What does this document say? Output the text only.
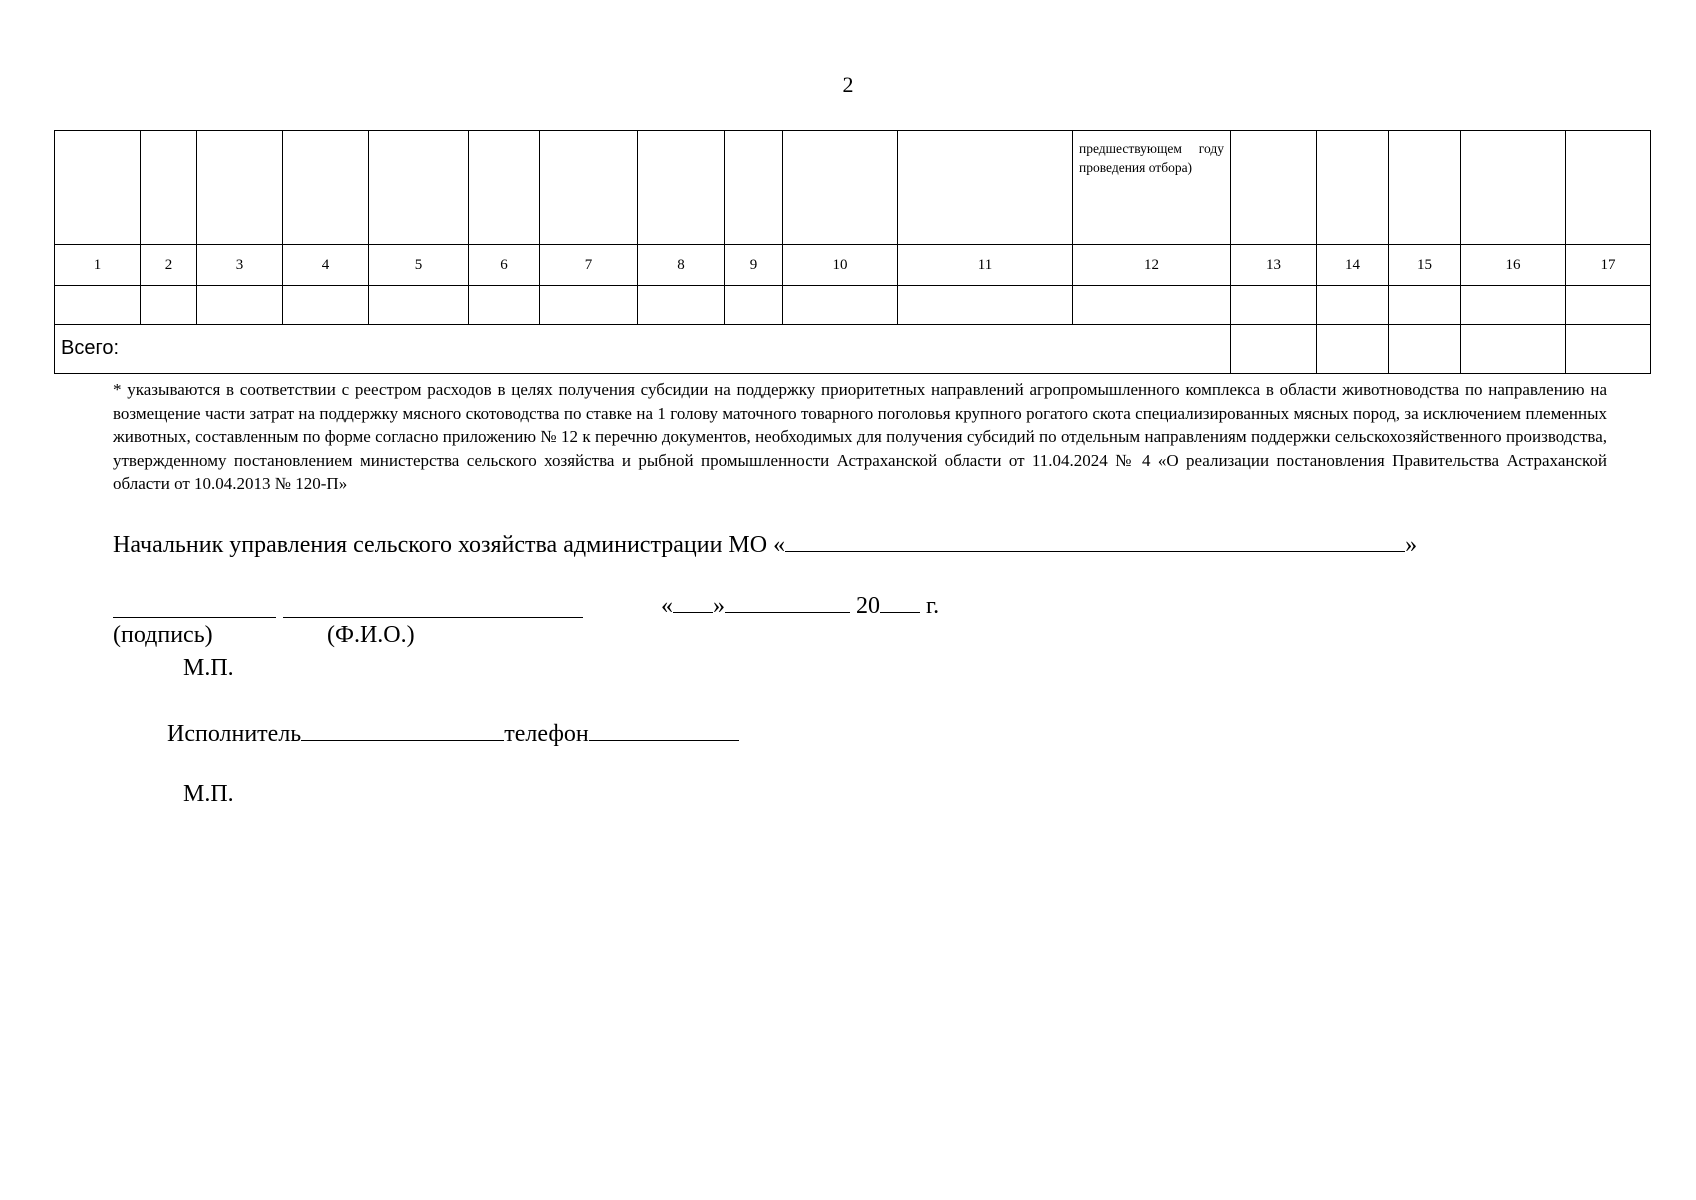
2

											предшествующем году проведения отбора)					

1	2	3	4	5	6	7	8	9	10	11	12	13	14	15	16	17

Всего:																

* указываются в соответствии с реестром расходов в целях получения субсидии на поддержку приоритетных направлений агропромышленного комплекса в области животноводства по направлению на возмещение части затрат на поддержку мясного скотоводства по ставке на 1 голову маточного товарного поголовья крупного рогатого скота специализированных мясных пород, за исключением племенных животных, составленным по форме согласно приложению № 12 к перечню документов, необходимых для получения субсидий по отдельным направлениям поддержки сельскохозяйственного производства, утвержденному постановлением министерства сельского хозяйства и рыбной промышленности Астраханской области от 11.04.2024 № 4 «О реализации постановления Правительства Астраханской области от 10.04.2013 № 120-П»
Начальник управления сельского хозяйства администрации МО «	»
« »	20 г.
(подпись)	(Ф.И.О.)
М.П.
Исполнитель	телефон
М.П.
